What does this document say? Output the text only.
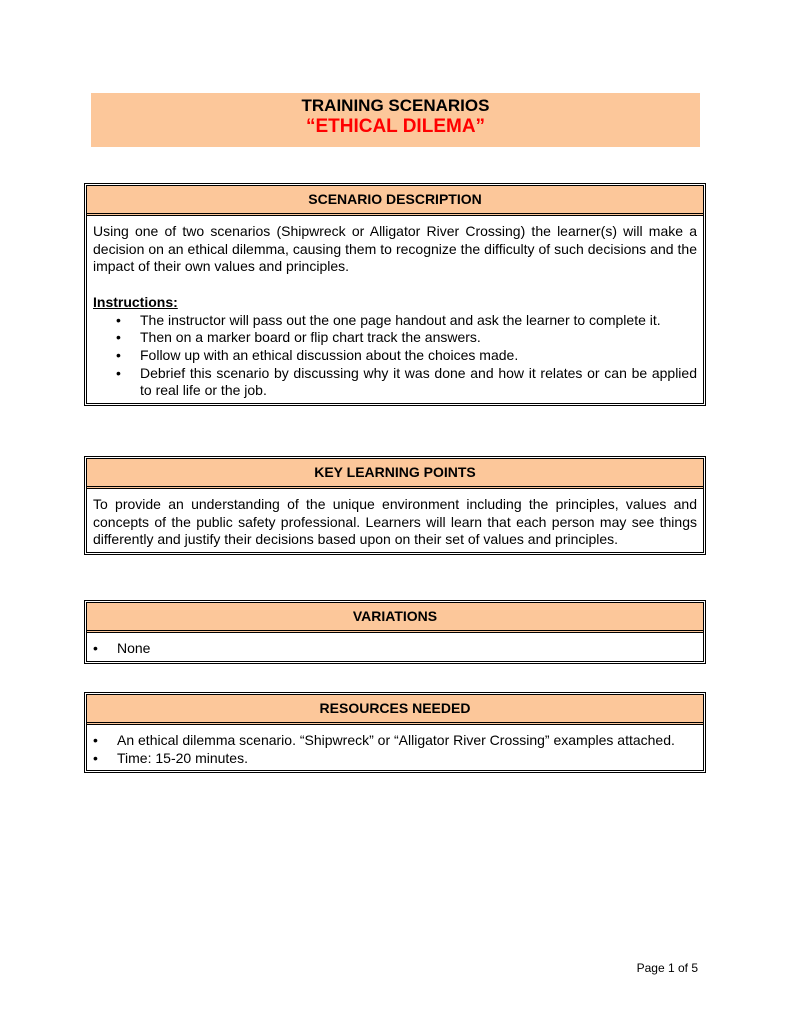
TRAINING SCENARIOS
“ETHICAL DILEMA”
SCENARIO DESCRIPTION

Using one of two scenarios (Shipwreck or Alligator River Crossing) the learner(s) will make a decision on an ethical dilemma, causing them to recognize the difficulty of such decisions and the impact of their own values and principles.

Instructions:

• The instructor will pass out the one page handout and ask the learner to complete it.
• Then on a marker board or flip chart track the answers.
• Follow up with an ethical discussion about the choices made.
• Debrief this scenario by discussing why it was done and how it relates or can be applied to real life or the job.
KEY LEARNING POINTS

To provide an understanding of the unique environment including the principles, values and concepts of the public safety professional. Learners will learn that each person may see things differently and justify their decisions based upon on their set of values and principles.

VARIATIONS
• None
RESOURCES NEEDED
• An ethical dilemma scenario. “Shipwreck” or “Alligator River Crossing” examples attached.
• Time: 15-20 minutes.
Page 1 of 5
